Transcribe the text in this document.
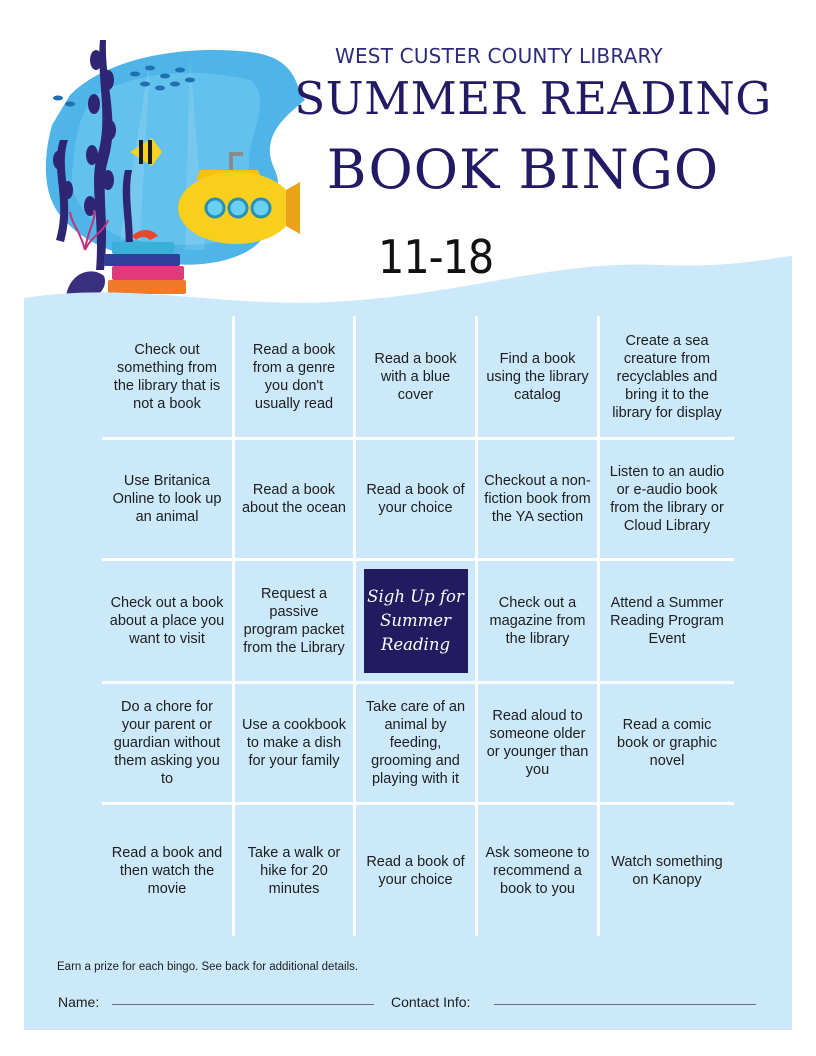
WEST CUSTER COUNTY LIBRARY
SUMMER READING
BOOK BINGO
11-18
Check out something from the library that is not a book
Read a book from a genre you don't usually read
Read a book with a blue cover
Find a book using the library catalog
Create a sea creature from recyclables and bring it to the library for display
Use Britanica Online to look up an animal
Read a book about the ocean
Read a book of your choice
Checkout a non-fiction book from the YA section
Listen to an audio or e-audio book from the library or Cloud Library
Check out a book about a place you want to visit
Request a passive program packet from the Library
Sigh Up for Summer Reading
Check out a magazine from the library
Attend a Summer Reading Program Event
Do a chore for your parent or guardian without them asking you to
Use a cookbook to make a dish for your family
Take care of an animal by feeding, grooming and playing with it
Read aloud to someone older or younger than you
Read a comic book or graphic novel
Read a book and then watch the movie
Take a walk or hike for 20 minutes
Read a book of your choice
Ask someone to recommend a book to you
Watch something on Kanopy
Earn a prize for each bingo. See back for additional details.
Name:	Contact Info:
